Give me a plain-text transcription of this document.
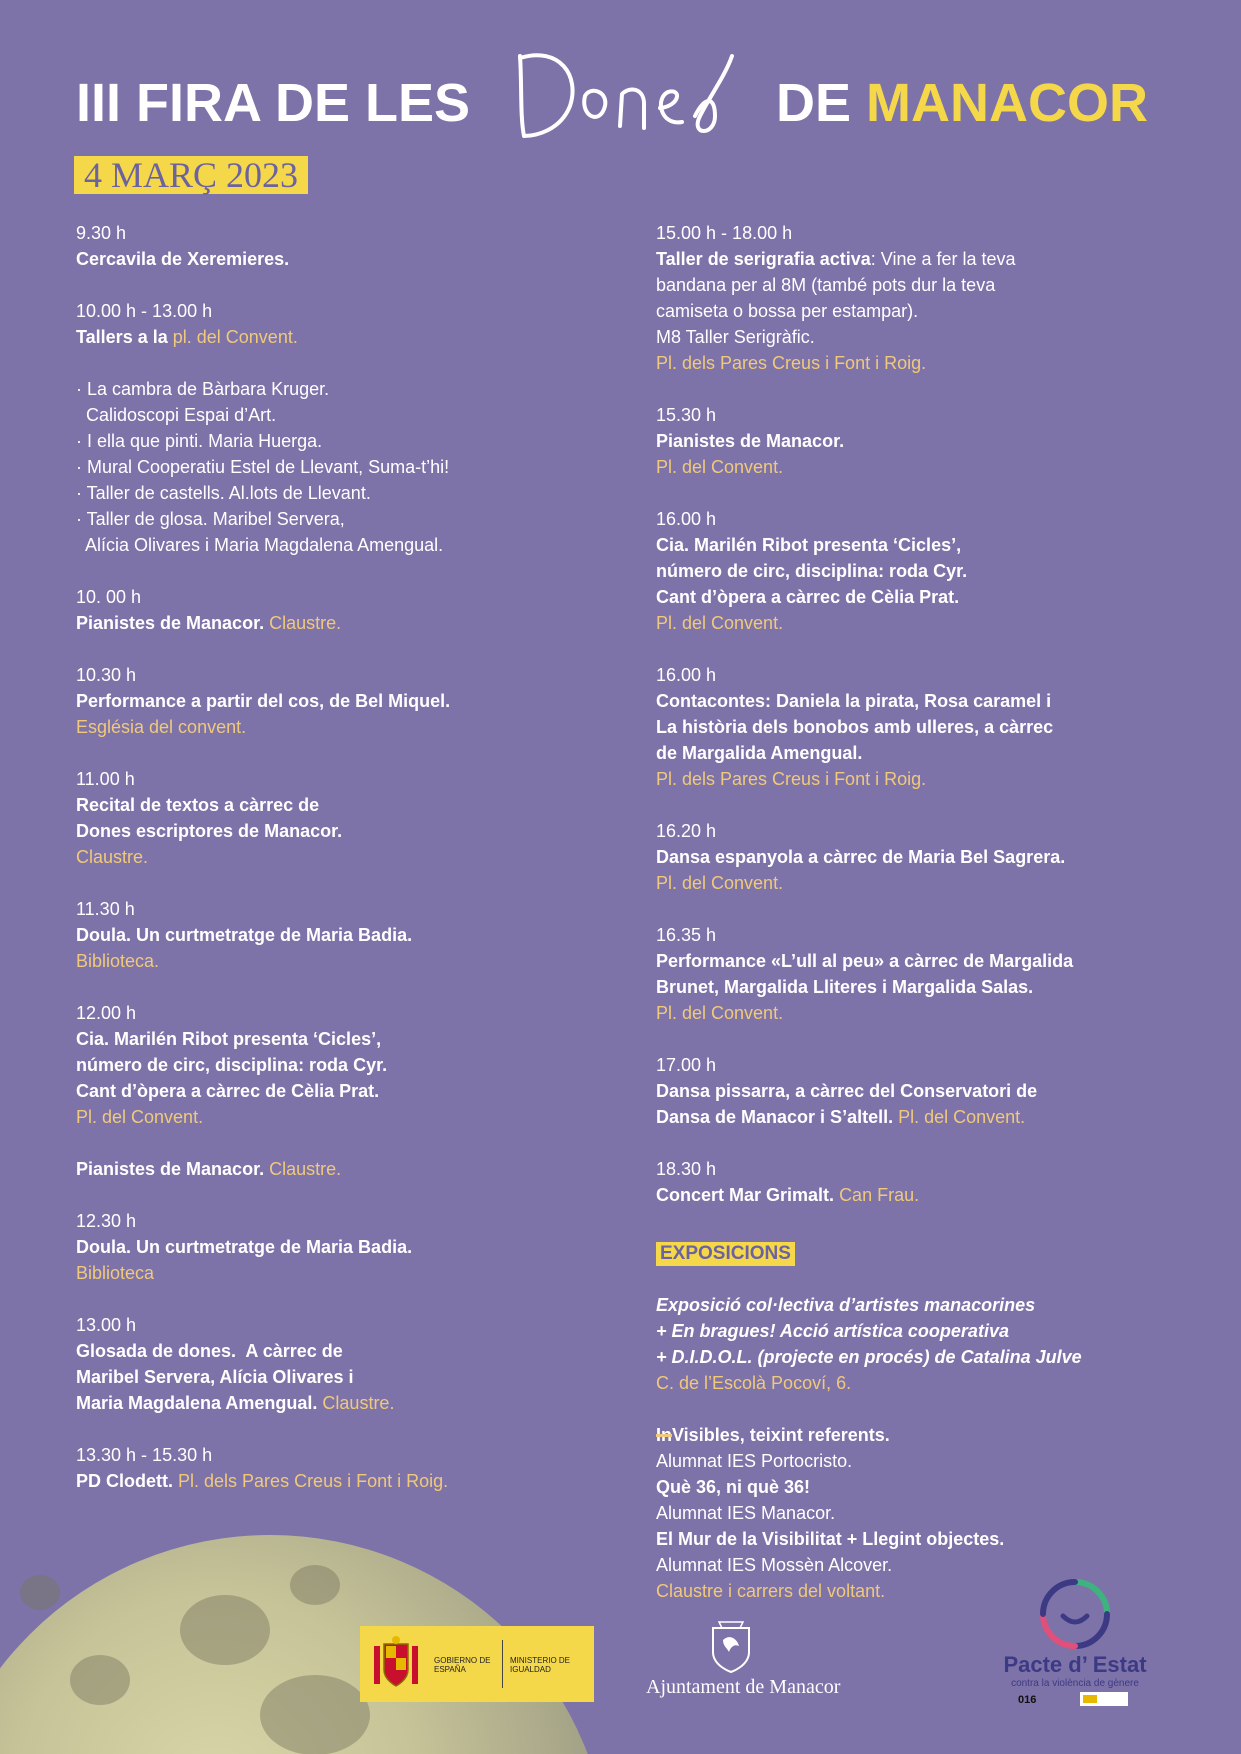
III FIRA DE LES	DE MANACOR
4 MARÇ 2023
9.30 h
Cercavila de Xeremieres.
10.00 h - 13.00 h
Tallers a la pl. del Convent.
· La cambra de Bàrbara Kruger.
Calidoscopi Espai d’Art.
· I ella que pinti. Maria Huerga.
· Mural Cooperatiu Estel de Llevant, Suma-t’hi!
· Taller de castells. Al.lots de Llevant.
· Taller de glosa. Maribel Servera,
Alícia Olivares i Maria Magdalena Amengual.
10. 00 h
Pianistes de Manacor. Claustre.
10.30 h
Performance a partir del cos, de Bel Miquel.
Església del convent.
11.00 h
Recital de textos a càrrec de
Dones escriptores de Manacor.
Claustre.
11.30 h
Doula. Un curtmetratge de Maria Badia.
Biblioteca.
12.00 h
Cia. Marilén Ribot presenta ‘Cicles’,
número de circ, disciplina: roda Cyr.
Cant d’òpera a càrrec de Cèlia Prat.
Pl. del Convent.
Pianistes de Manacor. Claustre.
12.30 h
Doula. Un curtmetratge de Maria Badia.
Biblioteca
13.00 h
Glosada de dones.  A càrrec de
Maribel Servera, Alícia Olivares i
Maria Magdalena Amengual. Claustre.
13.30 h - 15.30 h
PD Clodett. Pl. dels Pares Creus i Font i Roig.
15.00 h - 18.00 h
Taller de serigrafia activa: Vine a fer la teva
bandana per al 8M (també pots dur la teva
camiseta o bossa per estampar).
M8 Taller Serigràfic.
Pl. dels Pares Creus i Font i Roig.
15.30 h
Pianistes de Manacor.
Pl. del Convent.
16.00 h
Cia. Marilén Ribot presenta ‘Cicles’,
número de circ, disciplina: roda Cyr.
Cant d’òpera a càrrec de Cèlia Prat.
Pl. del Convent.
16.00 h
Contacontes: Daniela la pirata, Rosa caramel i
La història dels bonobos amb ulleres, a càrrec
de Margalida Amengual.
Pl. dels Pares Creus i Font i Roig.
16.20 h
Dansa espanyola a càrrec de Maria Bel Sagrera.
Pl. del Convent.
16.35 h
Performance «L’ull al peu» a càrrec de Margalida
Brunet, Margalida Lliteres i Margalida Salas.
Pl. del Convent.
17.00 h
Dansa pissarra, a càrrec del Conservatori de
Dansa de Manacor i S’altell. Pl. del Convent.
18.30 h
Concert Mar Grimalt. Can Frau.
EXPOSICIONS
Exposició col·lectiva d’artistes manacorines
+ En bragues! Acció artística cooperativa
+ D.I.D.O.L. (projecte en procés) de Catalina Julve
C. de l’Escolà Pocoví, 6.
InVisibles, teixint referents.
Alumnat IES Portocristo.
Què 36, ni què 36!
Alumnat IES Manacor.
El Mur de la Visibilitat + Llegint objectes.
Alumnat IES Mossèn Alcover.
Claustre i carrers del voltant.
GOBIERNO DE ESPAÑA
MINISTERIO DE IGUALDAD
Ajuntament de Manacor
Pacte d’ Estat
contra la violència de gènere
016
